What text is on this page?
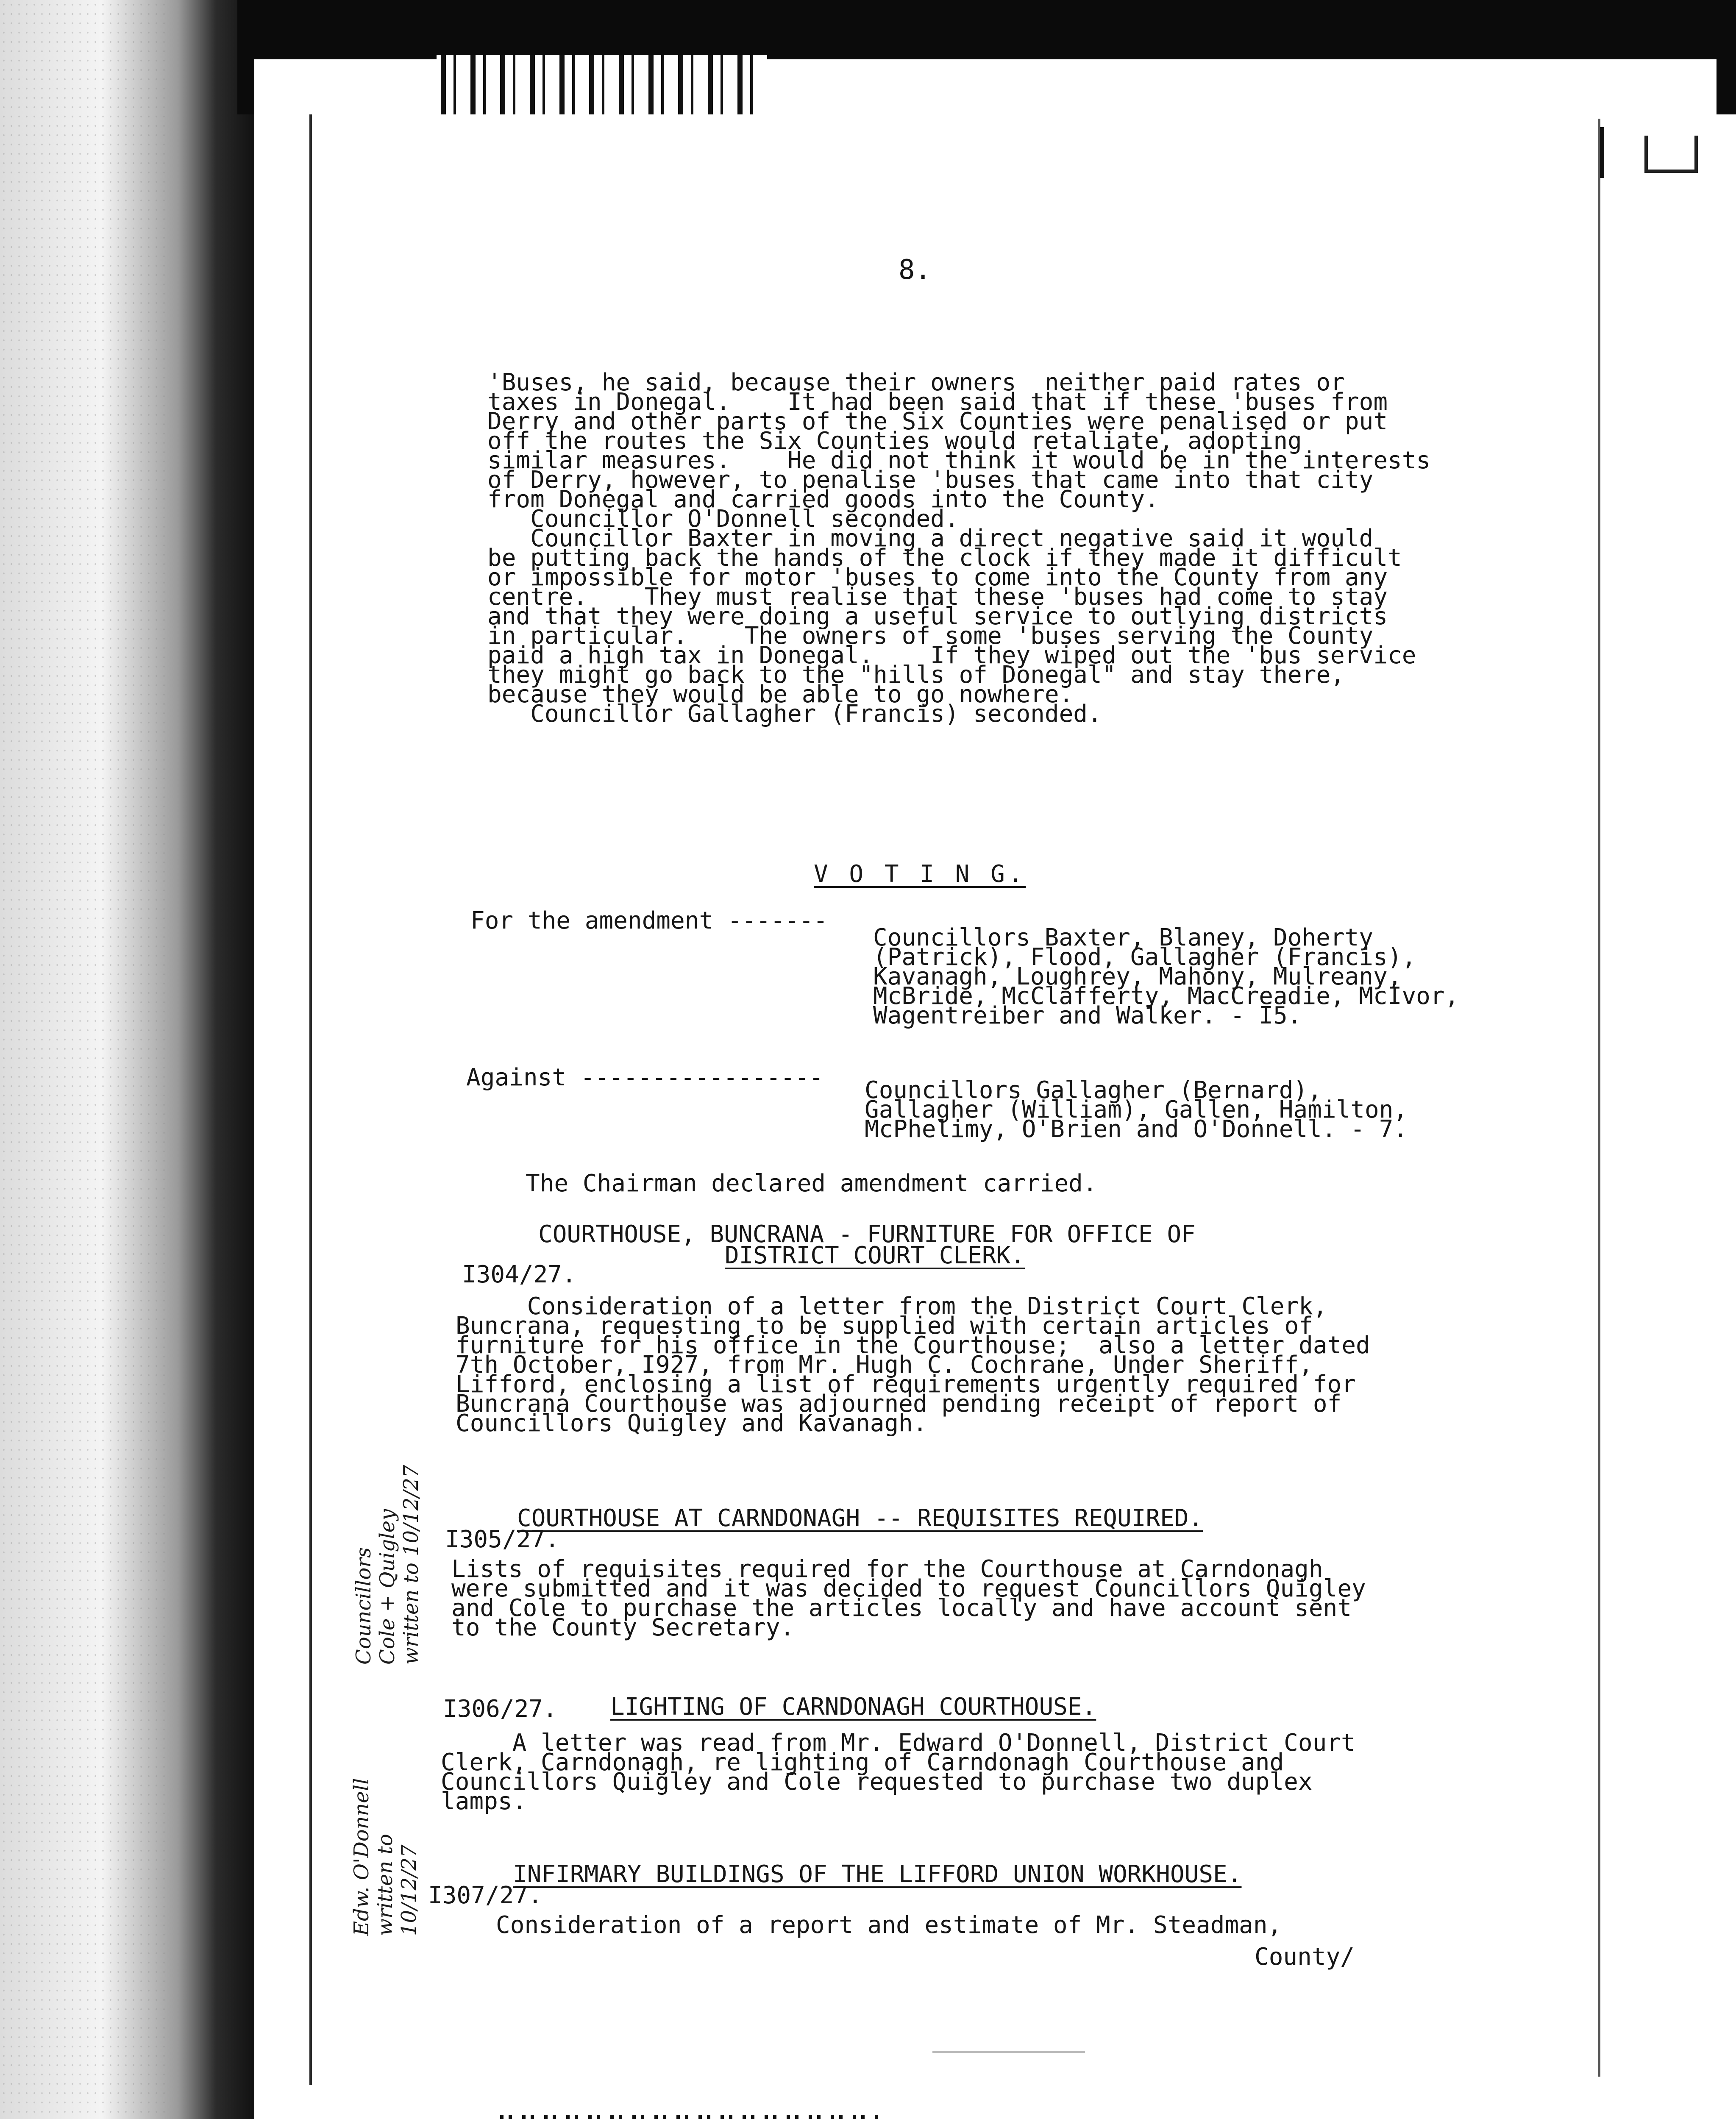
8.

'Buses, he said, because their owners  neither paid rates or
taxes in Donegal.    It had been said that if these 'buses from
Derry and other parts of the Six Counties were penalised or put
off the routes the Six Counties would retaliate, adopting
similar measures.    He did not think it would be in the interests
of Derry, however, to penalise 'buses that came into that city
from Donegal and carried goods into the County.
Councillor O'Donnell seconded.
Councillor Baxter in moving a direct negative said it would
be putting back the hands of the clock if they made it difficult
or impossible for motor 'buses to come into the County from any
centre.    They must realise that these 'buses had come to stay
and that they were doing a useful service to outlying districts
in particular.    The owners of some 'buses serving the County
paid a high tax in Donegal.    If they wiped out the 'bus service
they might go back to the "hills of Donegal" and stay there,
because they would be able to go nowhere.
Councillor Gallagher (Francis) seconded.

V O T I N G.

For the amendment -------

Councillors Baxter, Blaney, Doherty
(Patrick), Flood, Gallagher (Francis),
Kavanagh, Loughrey, Mahony, Mulreany,
McBride, McClafferty, MacCreadie, McIvor,
Wagentreiber and Walker. - I5.

Against ----------------- Councillors Gallagher (Bernard),
Gallagher (William), Gallen, Hamilton,
McPhelimy, O'Brien and O'Donnell. - 7.

The Chairman declared amendment carried.

COURTHOUSE, BUNCRANA - FURNITURE FOR OFFICE OF

DISTRICT COURT CLERK.

I304/27.

Consideration of a letter from the District Court Clerk,
Buncrana, requesting to be supplied with certain articles of
furniture for his office in the Courthouse;  also a letter dated
7th October, I927, from Mr. Hugh C. Cochrane, Under Sheriff,
Lifford, enclosing a list of requirements urgently required for
Buncrana Courthouse was adjourned pending receipt of report of
Councillors Quigley and Kavanagh.

COURTHOUSE AT CARNDONAGH -- REQUISITES REQUIRED.

I305/27.

Lists of requisites required for the Courthouse at Carndonagh
were submitted and it was decided to request Councillors Quigley
and Cole to purchase the articles locally and have account sent
to the County Secretary.

Councillors
Cole + Quigley
written to 10/12/27

I306/27. LIGHTING OF CARNDONAGH COURTHOUSE.

A letter was read from Mr. Edward O'Donnell, District Court
Clerk, Carndonagh, re lighting of Carndonagh Courthouse and
Councillors Quigley and Cole requested to purchase two duplex
lamps.

Edw. O'Donnell
written to
10/12/27	INFIRMARY BUILDINGS OF THE LIFFORD UNION WORKHOUSE.

I307/27.

Consideration of a report and estimate of Mr. Steadman,

County/
